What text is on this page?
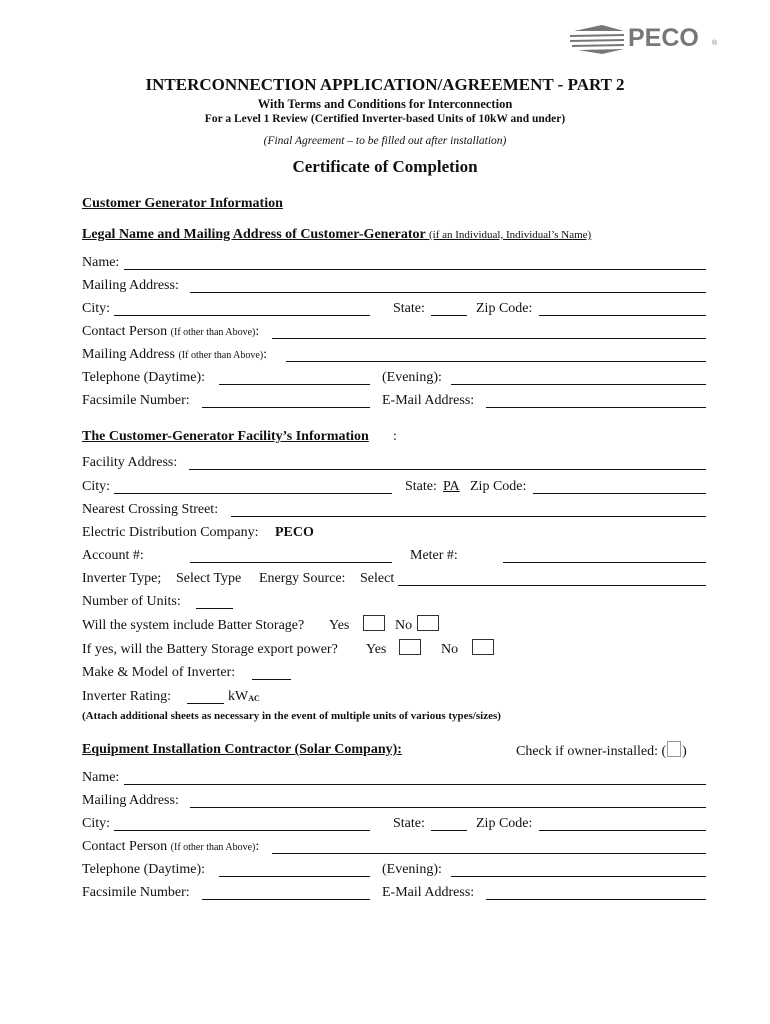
PECO ®
INTERCONNECTION APPLICATION/AGREEMENT - PART 2
With Terms and Conditions for Interconnection
For a Level 1 Review (Certified Inverter-based Units of 10kW and under)
(Final Agreement – to be filled out after installation)
Certificate of Completion
Customer Generator Information
Legal Name and Mailing Address of Customer-Generator (if an Individual, Individual’s Name)
Name:
Mailing Address:
City:	State:	Zip Code:
Contact Person (If other than Above):
Mailing Address (If other than Above):
Telephone (Daytime):	(Evening):
Facsimile Number:	E-Mail Address:
The Customer-Generator Facility’s Information :
Facility Address:
City:	State: PA Zip Code:
Nearest Crossing Street:
Electric Distribution Company: PECO
Account #:	Meter #:
Inverter Type; Select Type Energy Source: Select
Number of Units:
Will the system include Batter Storage? Yes	No
If yes, will the Battery Storage export power? Yes	No
Make & Model of Inverter:
Inverter Rating:	$kW_{AC}$
(Attach additional sheets as necessary in the event of multiple units of various types/sizes)
Equipment Installation Contractor (Solar Company):	Check if owner-installed: ( )
Name:
Mailing Address:
City:	State:	Zip Code:
Contact Person (If other than Above):
Telephone (Daytime):	(Evening):
Facsimile Number:	E-Mail Address:
